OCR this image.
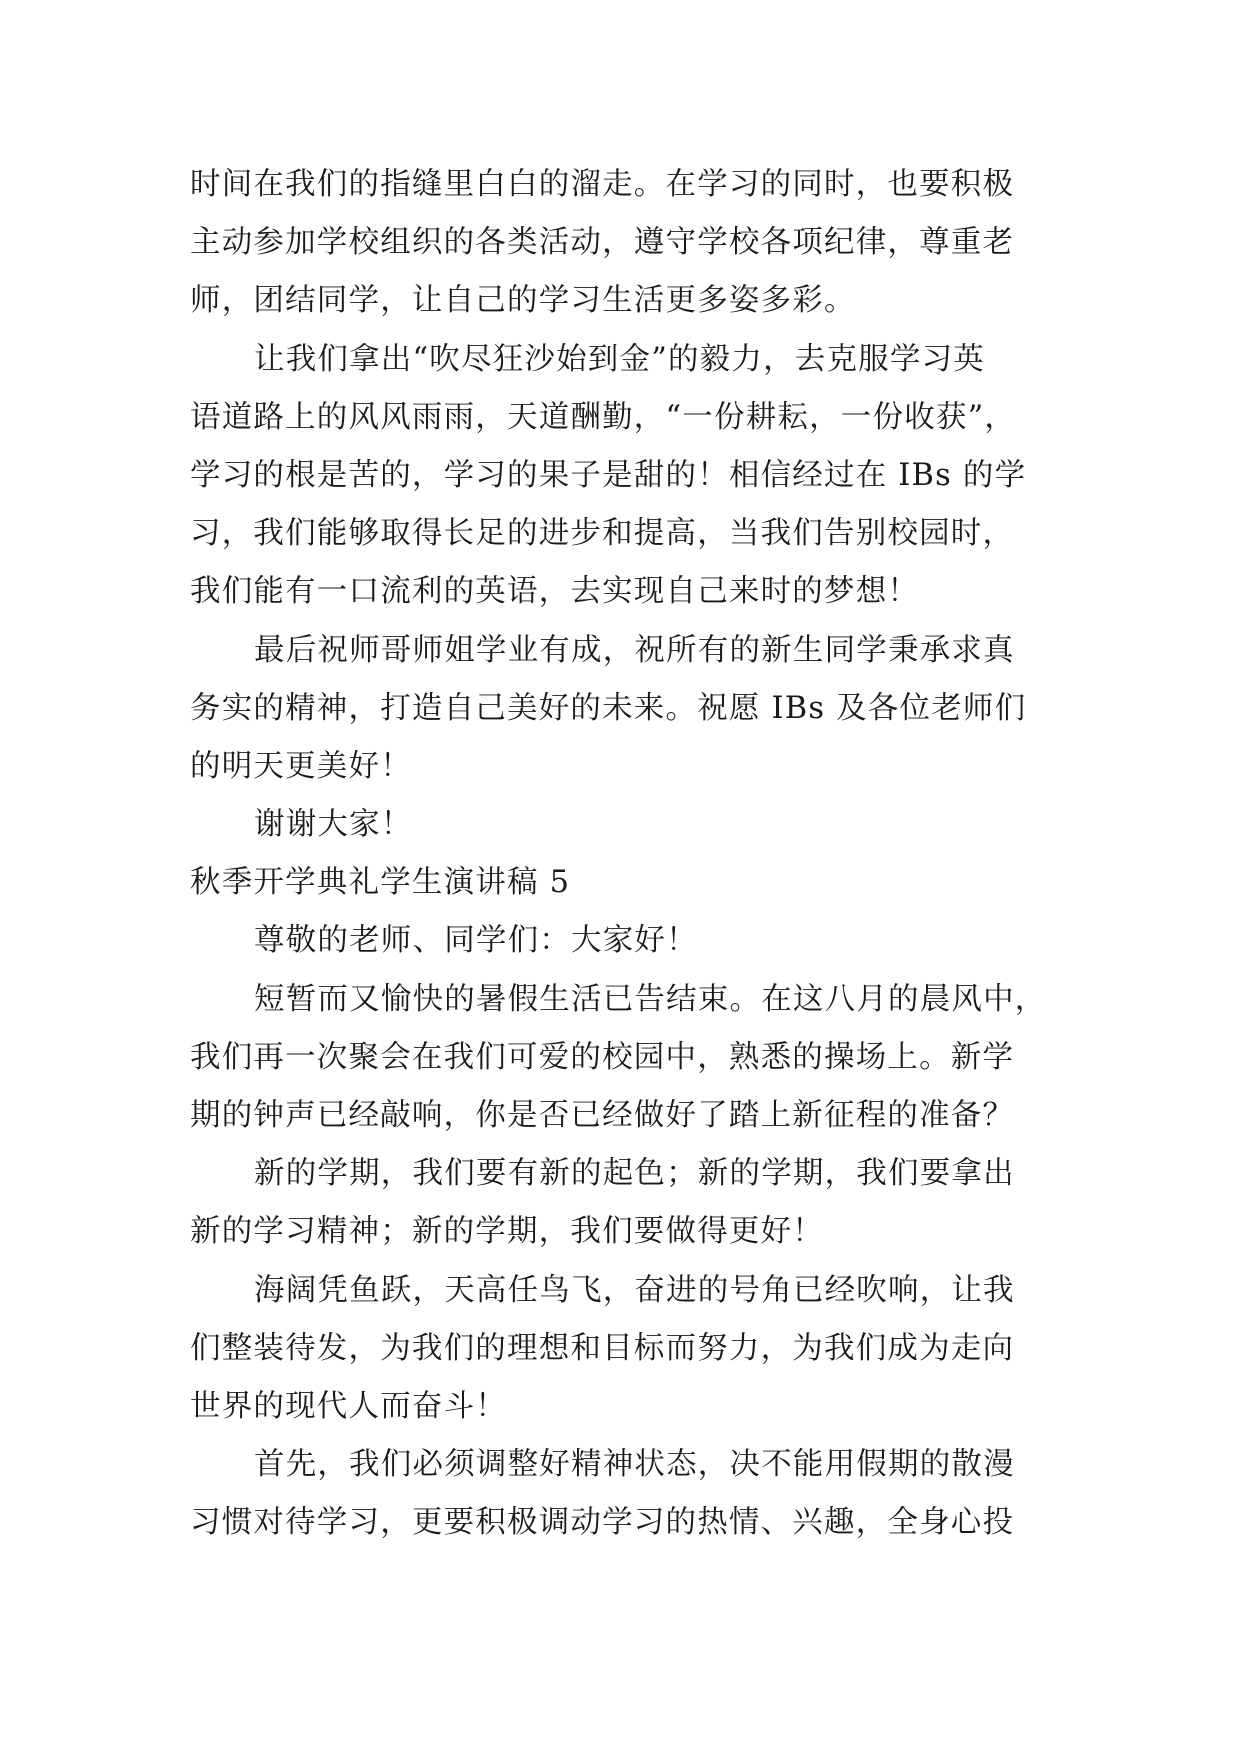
时间在我们的指缝里白白的溜走。在学习的同时，也要积极
主动参加学校组织的各类活动，遵守学校各项纪律，尊重老
师，团结同学，让自己的学习生活更多姿多彩。
让我们拿出“吹尽狂沙始到金”的毅力，去克服学习英
语道路上的风风雨雨，天道酬勤，“一份耕耘，一份收获”，
学习的根是苦的，学习的果子是甜的！相信经过在 IBs 的学
习，我们能够取得长足的进步和提高，当我们告别校园时，
我们能有一口流利的英语，去实现自己来时的梦想！
最后祝师哥师姐学业有成，祝所有的新生同学秉承求真
务实的精神，打造自己美好的未来。祝愿 IBs 及各位老师们
的明天更美好！
谢谢大家！
秋季开学典礼学生演讲稿 5
尊敬的老师、同学们：大家好！
短暂而又愉快的暑假生活已告结束。在这八月的晨风中，
我们再一次聚会在我们可爱的校园中，熟悉的操场上。新学
期的钟声已经敲响，你是否已经做好了踏上新征程的准备？
新的学期，我们要有新的起色；新的学期，我们要拿出
新的学习精神；新的学期，我们要做得更好！
海阔凭鱼跃，天高任鸟飞，奋进的号角已经吹响，让我
们整装待发，为我们的理想和目标而努力，为我们成为走向
世界的现代人而奋斗！
首先，我们必须调整好精神状态，决不能用假期的散漫
习惯对待学习，更要积极调动学习的热情、兴趣，全身心投
